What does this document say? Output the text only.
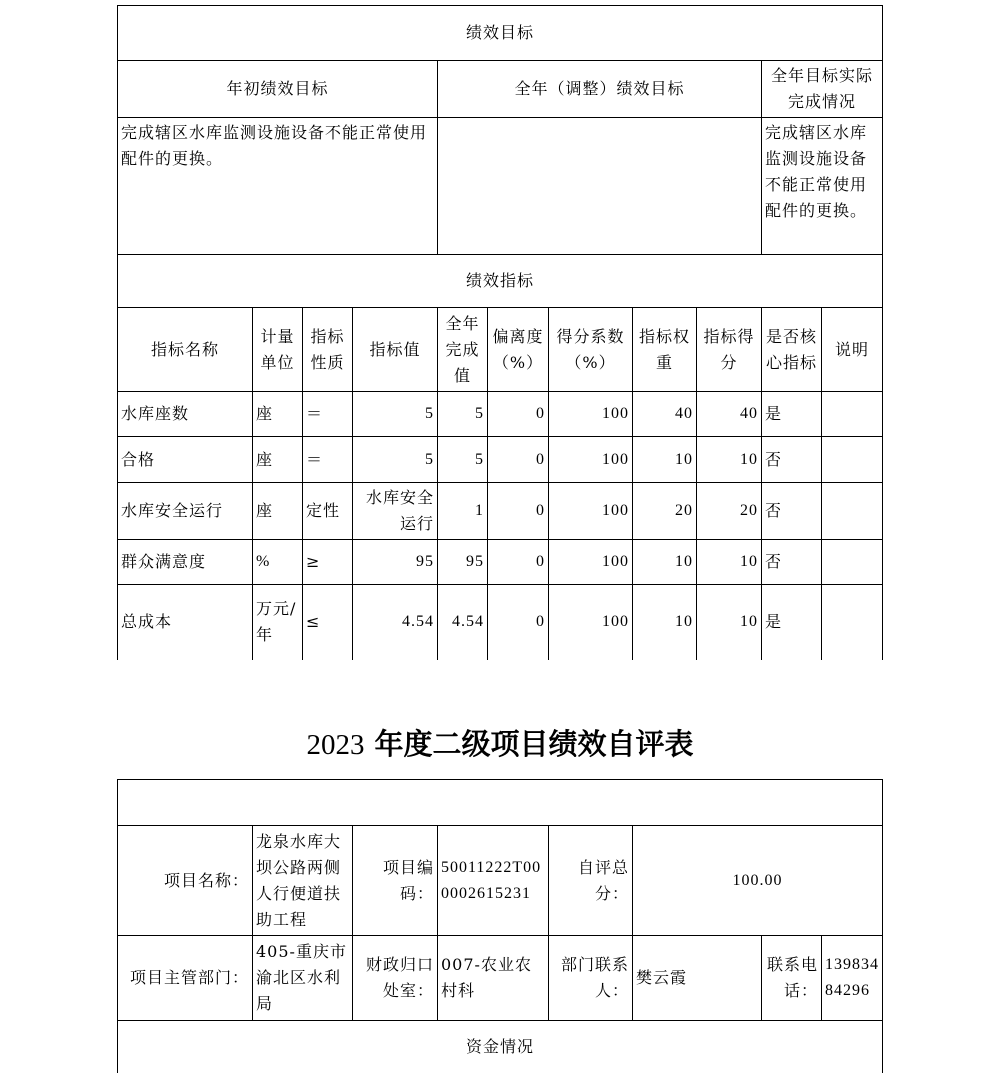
绩效目标										
年初绩效目标				全年（调整）绩效目标					全年目标实际完成情况	
完成辖区水库监测设施设备不能正常使用配件的更换。									完成辖区水库监测设施设备不能正常使用配件的更换。	
绩效指标										
指标名称	计量单位	指标性质	指标值	全年完成值	偏离度（%）	得分系数（%）	指标权重	指标得分	是否核心指标	说明
水库座数	座	＝	5	5	0	100	40	40	是	
合格	座	＝	5	5	0	100	10	10	否	
水库安全运行	座	定性	水库安全运行	1	0	100	20	20	否	
群众满意度	%	≥	95	95	0	100	10	10	否	
总成本	万元/年	≤	4.54	4.54	0	100	10	10	是	
2023 年度二级项目绩效自评表

项目名称：	龙泉水库大坝公路两侧人行便道扶助工程	项目编码：	50011222T000002615231	自评总分：	100.00		
项目主管部门：	405-重庆市渝北区水利局	财政归口处室：	007-农业农村科	部门联系人：	樊云霞	联系电话：	13983484296
资金情况							
